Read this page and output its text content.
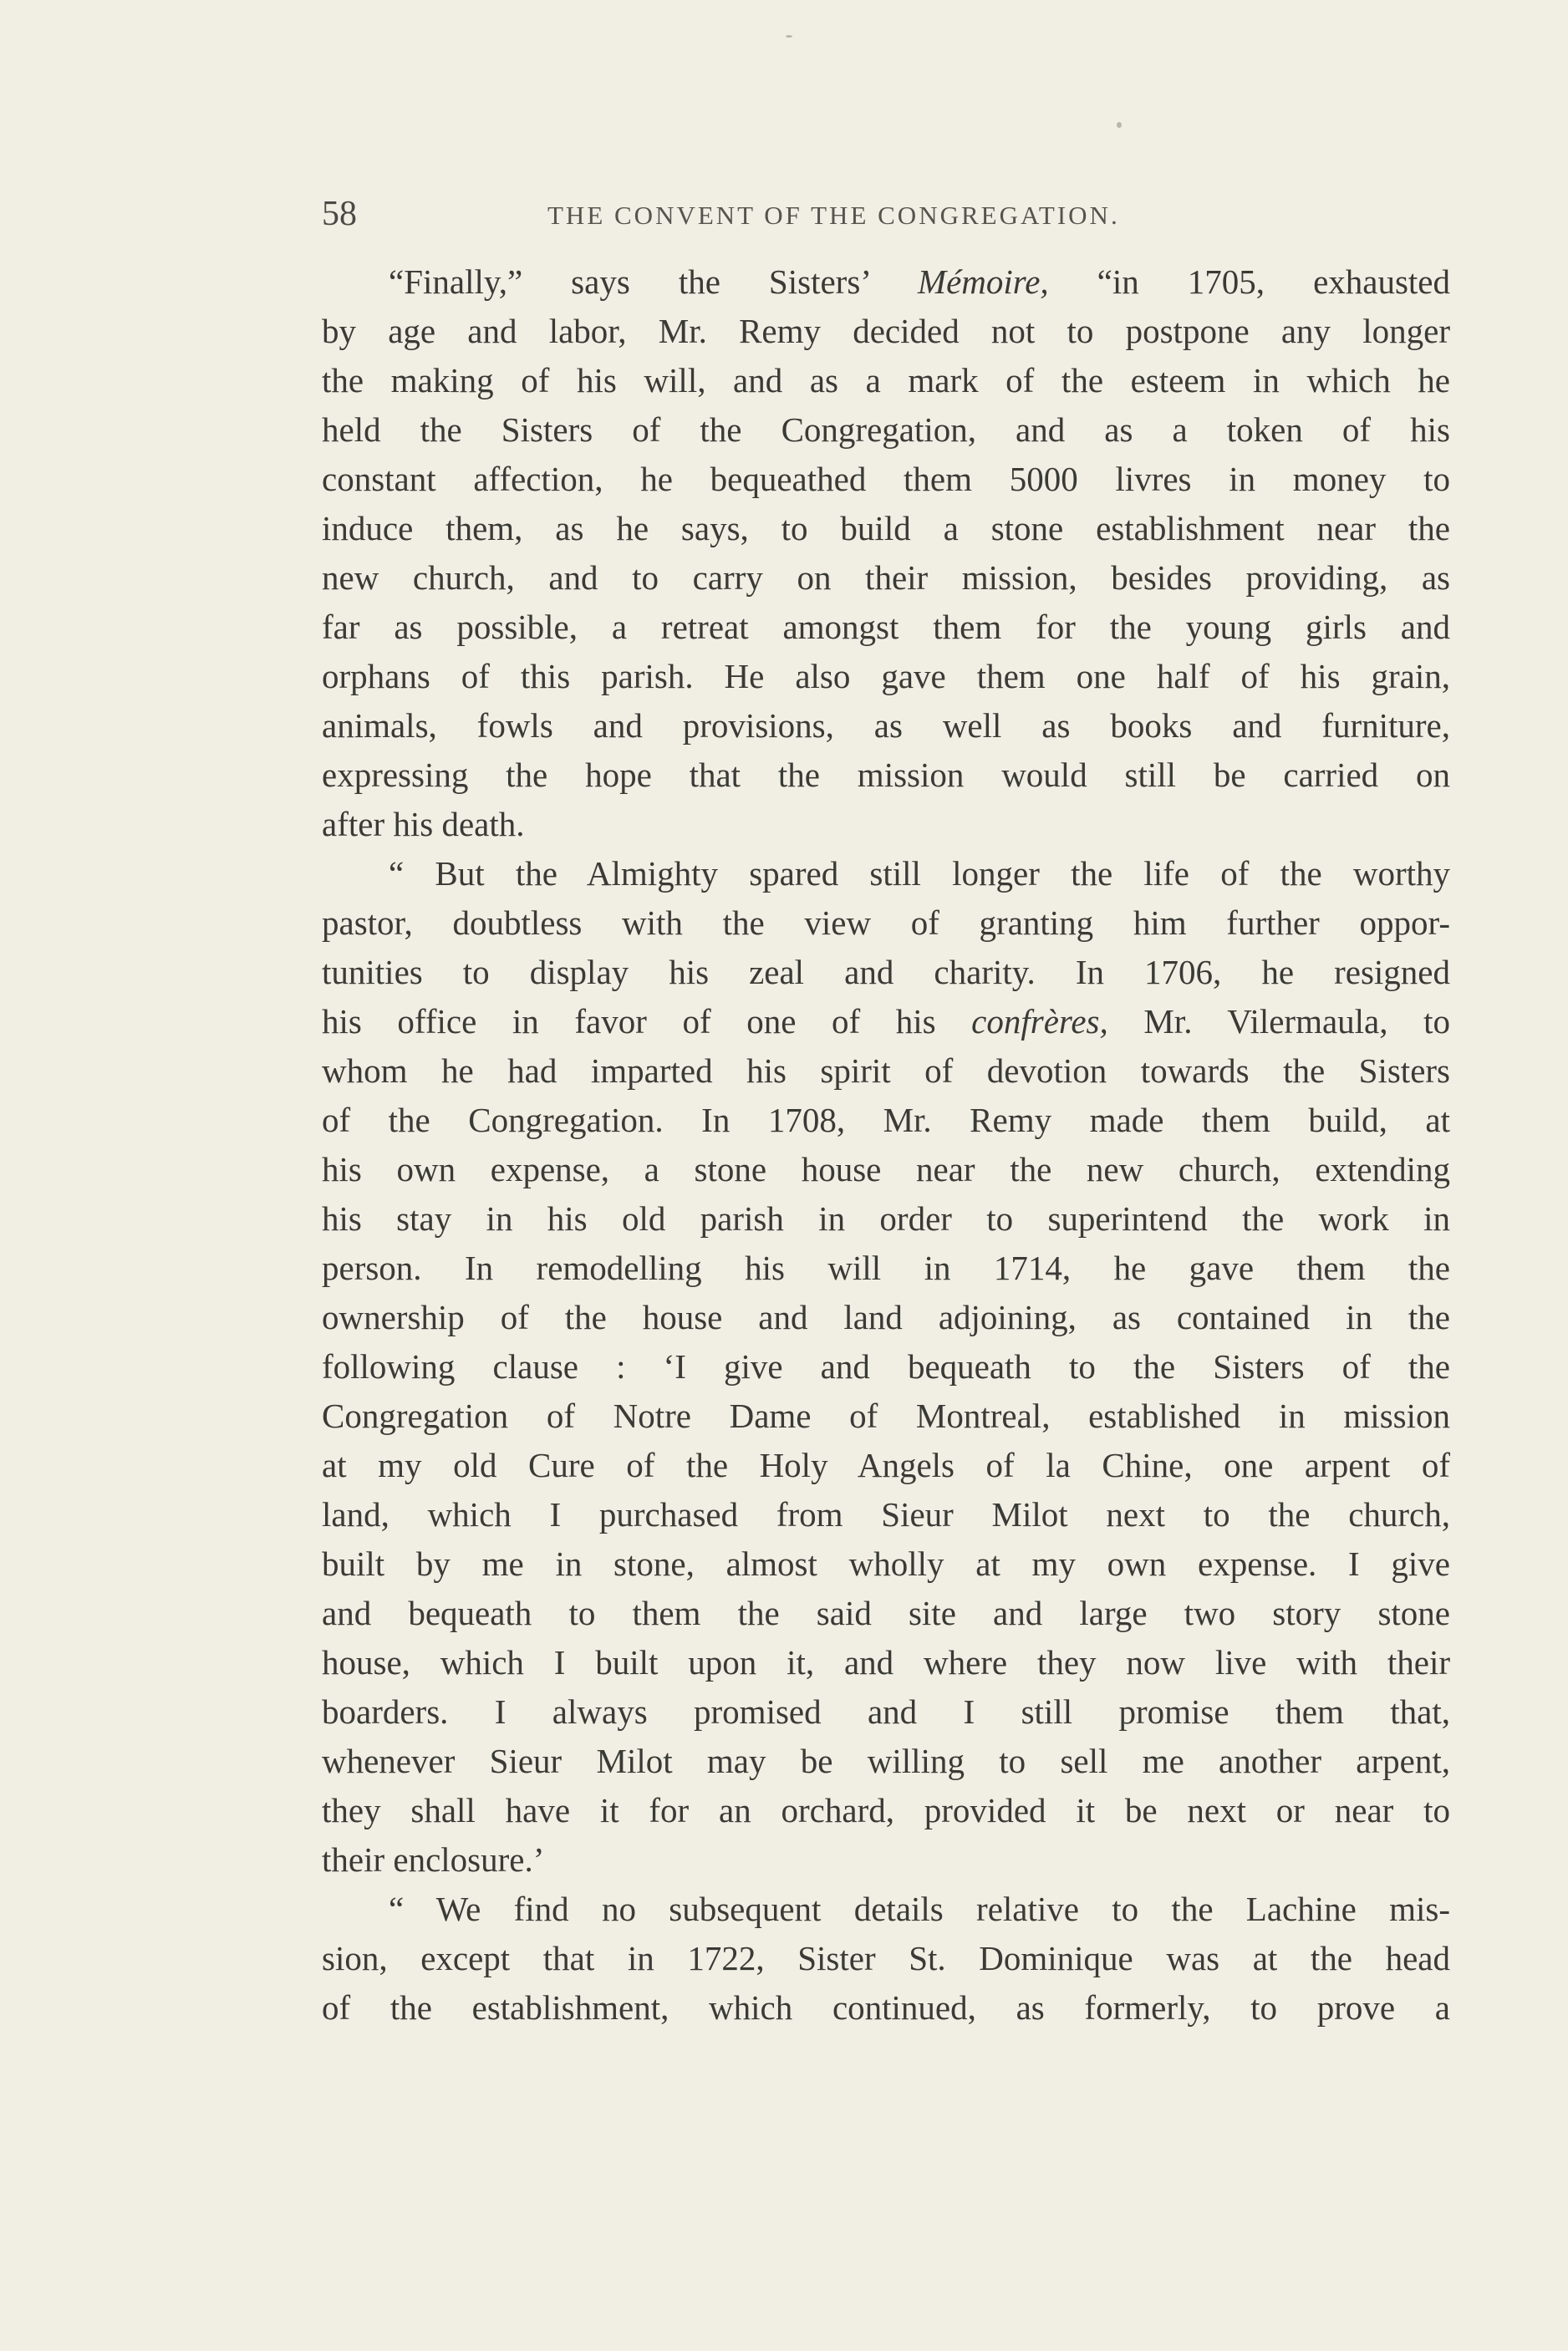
58	THE CONVENT OF THE CONGREGATION.
“Finally,” says the Sisters’ Mémoire, “in 1705, exhausted
by age and labor, Mr. Remy decided not to postpone any longer
the making of his will, and as a mark of the esteem in which he
held the Sisters of the Congregation, and as a token of his
constant affection, he bequeathed them 5000 livres in money to
induce them, as he says, to build a stone establishment near the
new church, and to carry on their mission, besides providing, as
far as possible, a retreat amongst them for the young girls and
orphans of this parish. He also gave them one half of his grain,
animals, fowls and provisions, as well as books and furniture,
expressing the hope that the mission would still be carried on
after his death.
“ But the Almighty spared still longer the life of the worthy
pastor, doubtless with the view of granting him further oppor-
tunities to display his zeal and charity. In 1706, he resigned
his office in favor of one of his confrères, Mr. Vilermaula, to
whom he had imparted his spirit of devotion towards the Sisters
of the Congregation. In 1708, Mr. Remy made them build, at
his own expense, a stone house near the new church, extending
his stay in his old parish in order to superintend the work in
person. In remodelling his will in 1714, he gave them the
ownership of the house and land adjoining, as contained in the
following clause : ‘I give and bequeath to the Sisters of the
Congregation of Notre Dame of Montreal, established in mission
at my old Cure of the Holy Angels of la Chine, one arpent of
land, which I purchased from Sieur Milot next to the church,
built by me in stone, almost wholly at my own expense. I give
and bequeath to them the said site and large two story stone
house, which I built upon it, and where they now live with their
boarders. I always promised and I still promise them that,
whenever Sieur Milot may be willing to sell me another arpent,
they shall have it for an orchard, provided it be next or near to
their enclosure.’
“ We find no subsequent details relative to the Lachine mis-
sion, except that in 1722, Sister St. Dominique was at the head
of the establishment, which continued, as formerly, to prove a
